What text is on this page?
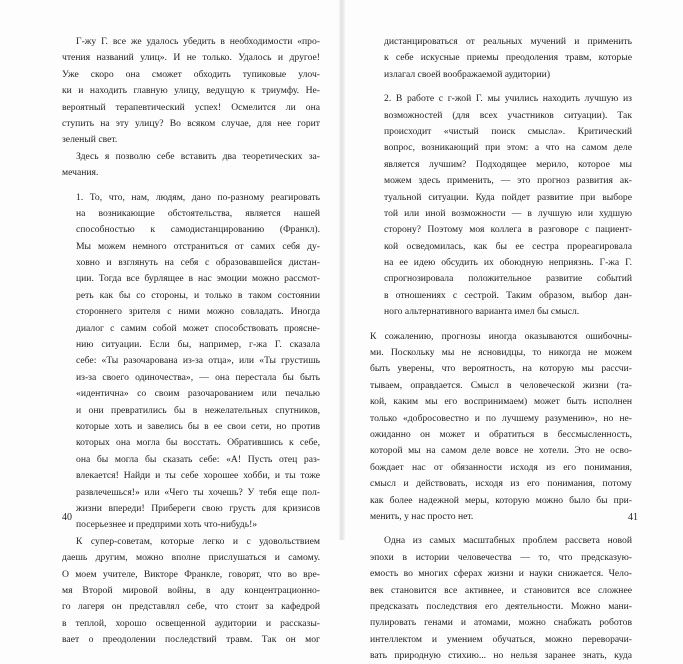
Г-жу Г. все же удалось убедить в необходимости «про-
чтения названий улиц». И не только. Удалось и другое!
Уже скоро она сможет обходить тупиковые улоч-
ки и находить главную улицу, ведущую к триумфу. Не-
вероятный терапевтический успех! Осмелится ли она
ступить на эту улицу? Во всяком случае, для нее горит
зеленый свет.
Здесь я позволю себе вставить два теоретических за-
мечания.
1. То, что, нам, людям, дано по-разному реагировать
на возникающие обстоятельства, является нашей
способностью к самодистанцированию (Франкл).
Мы можем немного отстраниться от самих себя ду-
ховно и взглянуть на себя с образовавшейся дистан-
ции. Тогда все бурлящее в нас эмоции можно рассмот-
реть как бы со стороны, и только в таком состоянии
стороннего зрителя с ними можно совладать. Иногда
диалог с самим собой может способствовать проясне-
нию ситуации. Если бы, например, г-жа Г. сказала
себе: «Ты разочарована из-за отца», или «Ты грустишь
из-за своего одиночества», — она перестала бы быть
«идентична» со своим разочарованием или печалью
и они превратились бы в нежелательных спутников,
которые хоть и завелись бы в ее свои сети, но против
которых она могла бы восстать. Обратившись к себе,
она бы могла бы сказать себе: «А! Пусть отец раз-
влекается! Найди и ты себе хорошее хобби, и ты тоже
развлечешься!» или «Чего ты хочешь? У тебя еще пол-
жизни впереди! Прибереги свою грусть для кризисов
посерьезнее и предприми хоть что-нибудь!»
К супер-советам, которые легко и с удовольствием
даешь другим, можно вполне прислушаться и самому.
О моем учителе, Викторе Франкле, говорят, что во вре-
мя Второй мировой войны, в аду концентрационно-
го лагеря он представлял себе, что стоит за кафедрой
в теплой, хорошо освещенной аудитории и рассказы-
вает о преодолении последствий травм. Так он мог
40
дистанцироваться от реальных мучений и применить
к себе искусные приемы преодоления травм, которые
излагал своей воображаемой аудитории)
2. В работе с г-жой Г. мы учились находить лучшую из
возможностей (для всех участников ситуации). Так
происходит «чистый поиск смысла». Критический
вопрос, возникающий при этом: а что на самом деле
является лучшим? Подходящее мерило, которое мы
можем здесь применить, — это прогноз развития ак-
туальной ситуации. Куда пойдет развитие при выборе
той или иной возможности — в лучшую или худшую
сторону? Поэтому моя коллега в разговоре с пациент-
кой осведомилась, как бы ее сестра прореагировала
на ее идею обсудить их обоюдную неприязнь. Г-жа Г.
спрогнозировала положительное развитие событий
в отношениях с сестрой. Таким образом, выбор дан-
ного альтернативного варианта имел бы смысл.
К сожалению, прогнозы иногда оказываются ошибочны-
ми. Поскольку мы не ясновидцы, то никогда не можем
быть уверены, что вероятность, на которую мы рассчи-
тываем, оправдается. Смысл в человеческой жизни (та-
кой, каким мы его воспринимаем) может быть исполнен
только «добросовестно и по лучшему разумению», но не-
ожиданно он может и обратиться в бессмысленность,
которой мы на самом деле вовсе не хотели. Это не осво-
бождает нас от обязанности исходя из его понимания,
смысл и действовать, исходя из его понимания, потому
как более надежной меры, которую можно было бы при-
менить, у нас просто нет.
Одна из самых масштабных проблем рассвета новой
эпохи в истории человечества — то, что предсказую-
емость во многих сферах жизни и науки снижается. Чело-
век становится все активнее, и становится все сложнее
предсказать последствия его деятельности. Можно мани-
пулировать генами и атомами, можно снабжать роботов
интеллектом и умением обучаться, можно переворачи-
вать природную стихию... но нельзя заранее знать, куда
41
